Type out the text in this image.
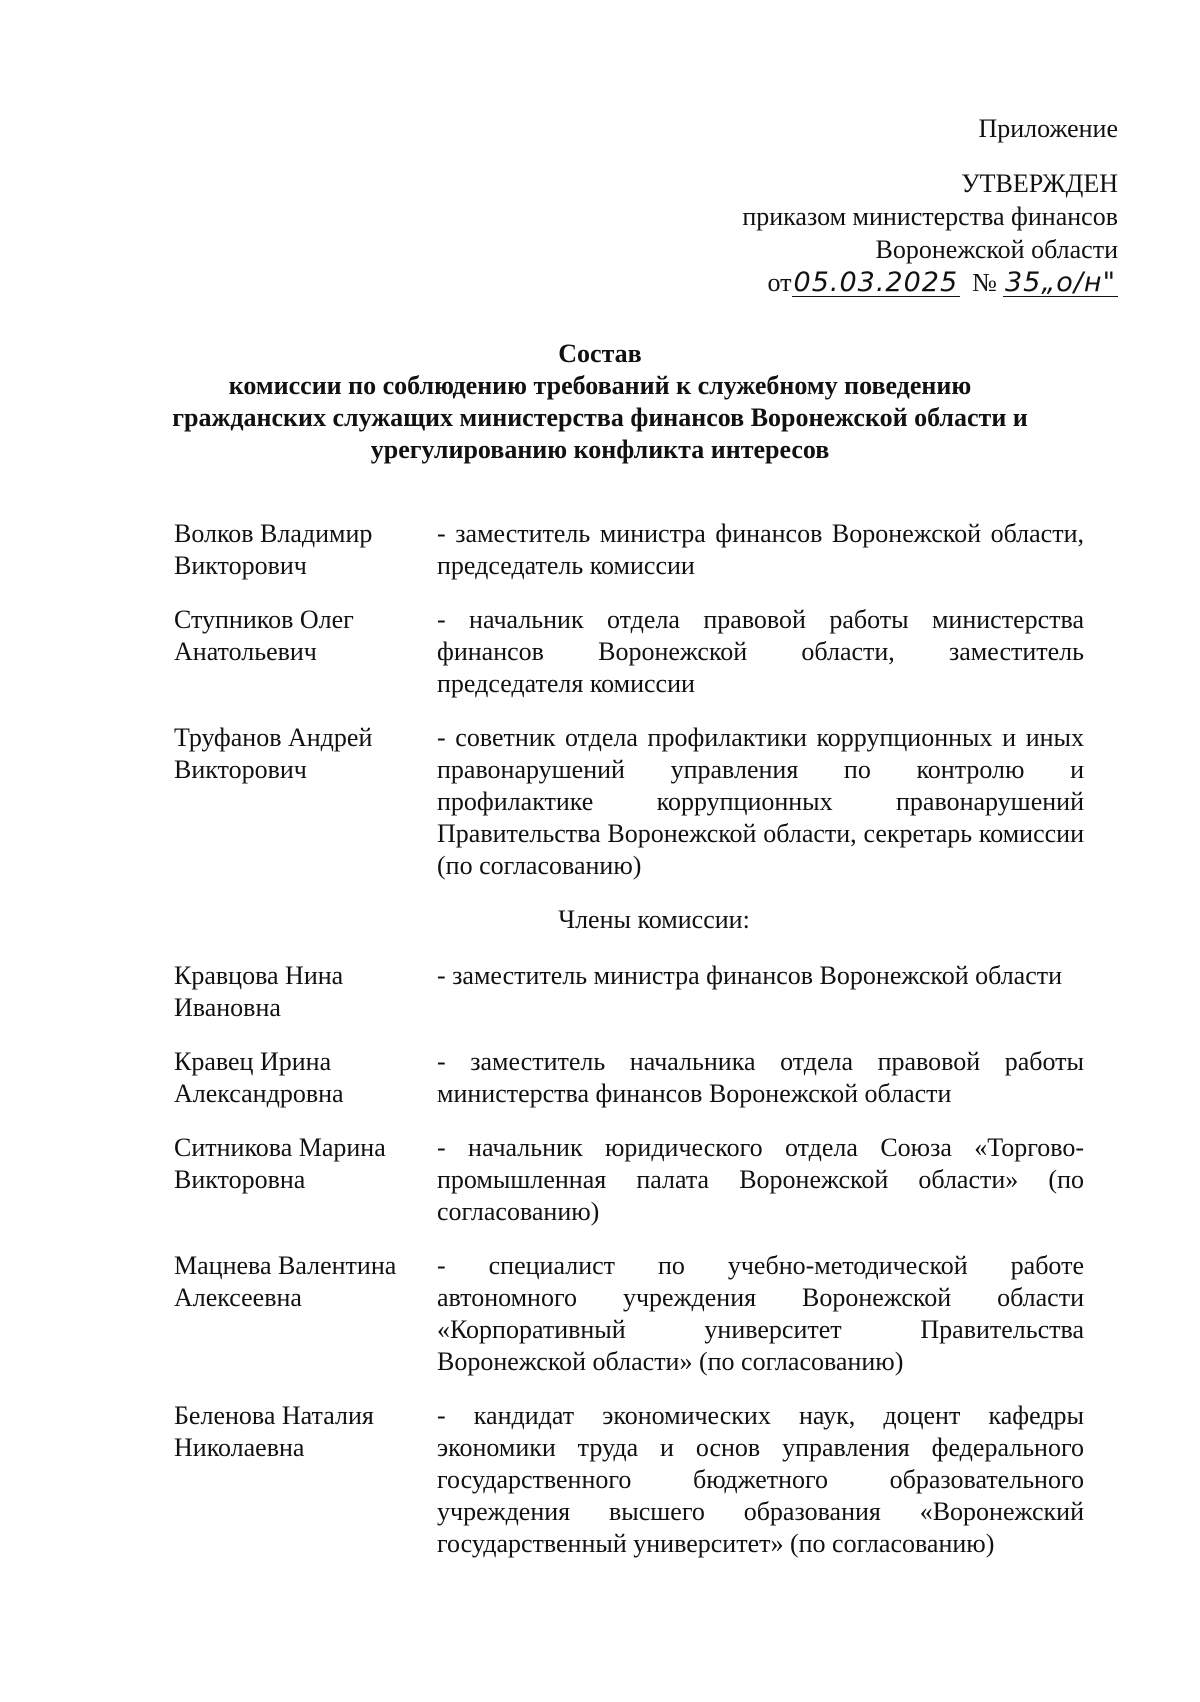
Приложение
УТВЕРЖДЕН
приказом министерства финансов
Воронежской области
от 05.03.2025 № 35„о/н"
Состав
комиссии по соблюдению требований к служебному поведению
гражданских служащих министерства финансов Воронежской области и
урегулированию конфликта интересов
Волков Владимир
Викторович
- заместитель министра финансов Воронежской области, председатель комиссии
Ступников Олег
Анатольевич
- начальник отдела правовой работы министерства финансов Воронежской области, заместитель председателя комиссии
Труфанов Андрей
Викторович
- советник отдела профилактики коррупционных и иных правонарушений управления по контролю и профилактике коррупционных правонарушений Правительства Воронежской области, секретарь комиссии (по согласованию)
Члены комиссии:
Кравцова Нина
Ивановна
- заместитель министра финансов Воронежской области
Кравец Ирина
Александровна
- заместитель начальника отдела правовой работы министерства финансов Воронежской области
Ситникова Марина
Викторовна
- начальник юридического отдела Союза «Торгово-промышленная палата Воронежской области» (по согласованию)
Мацнева Валентина
Алексеевна
- специалист по учебно-методической работе автономного учреждения Воронежской области «Корпоративный университет Правительства Воронежской области» (по согласованию)
Беленова Наталия
Николаевна
- кандидат экономических наук, доцент кафедры экономики труда и основ управления федерального государственного бюджетного образовательного учреждения высшего образования «Воронежский государственный университет» (по согласованию)
